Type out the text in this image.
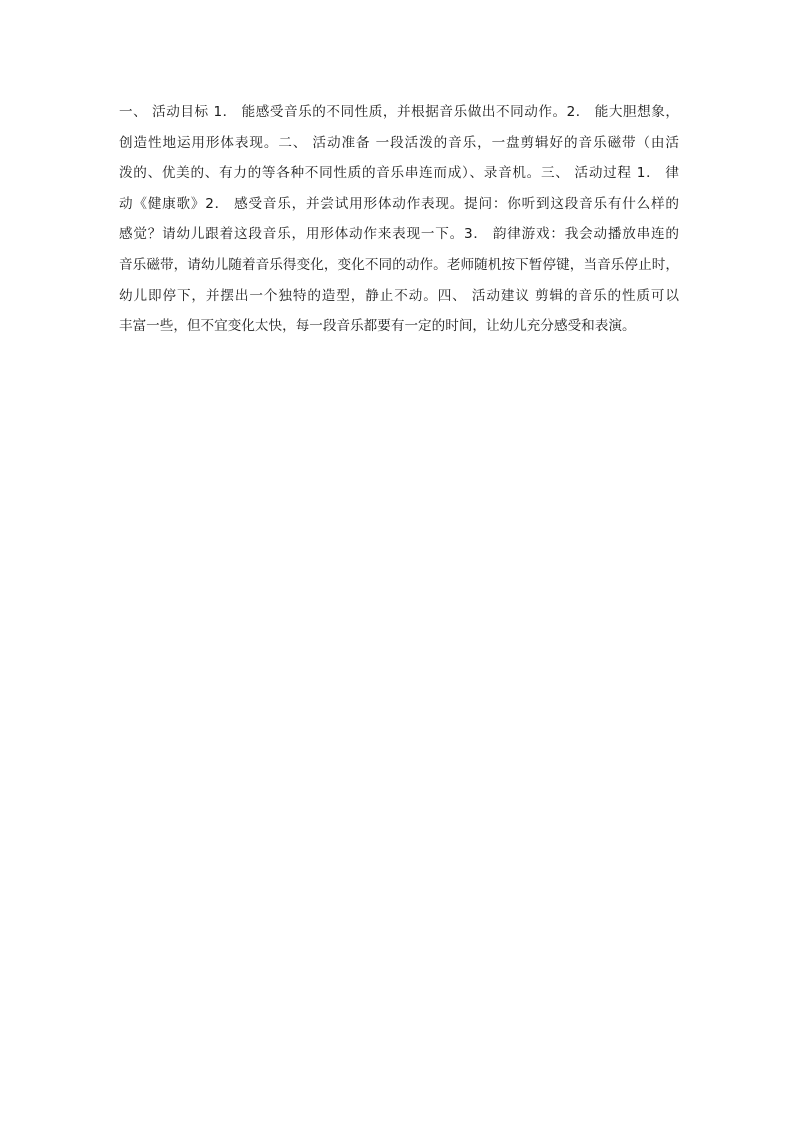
一、 活动目标 1． 能感受音乐的不同性质，并根据音乐做出不同动作。2． 能大胆想象，
创造性地运用形体表现。二、 活动准备 一段活泼的音乐，一盘剪辑好的音乐磁带（由活
泼的、优美的、有力的等各种不同性质的音乐串连而成）、录音机。三、 活动过程 1． 律
动《健康歌》2． 感受音乐，并尝试用形体动作表现。提问：你听到这段音乐有什么样的
感觉？请幼儿跟着这段音乐，用形体动作来表现一下。3． 韵律游戏：我会动播放串连的
音乐磁带，请幼儿随着音乐得变化，变化不同的动作。老师随机按下暂停键，当音乐停止时，
幼儿即停下，并摆出一个独特的造型，静止不动。四、 活动建议 剪辑的音乐的性质可以
丰富一些，但不宜变化太快，每一段音乐都要有一定的时间，让幼儿充分感受和表演。
